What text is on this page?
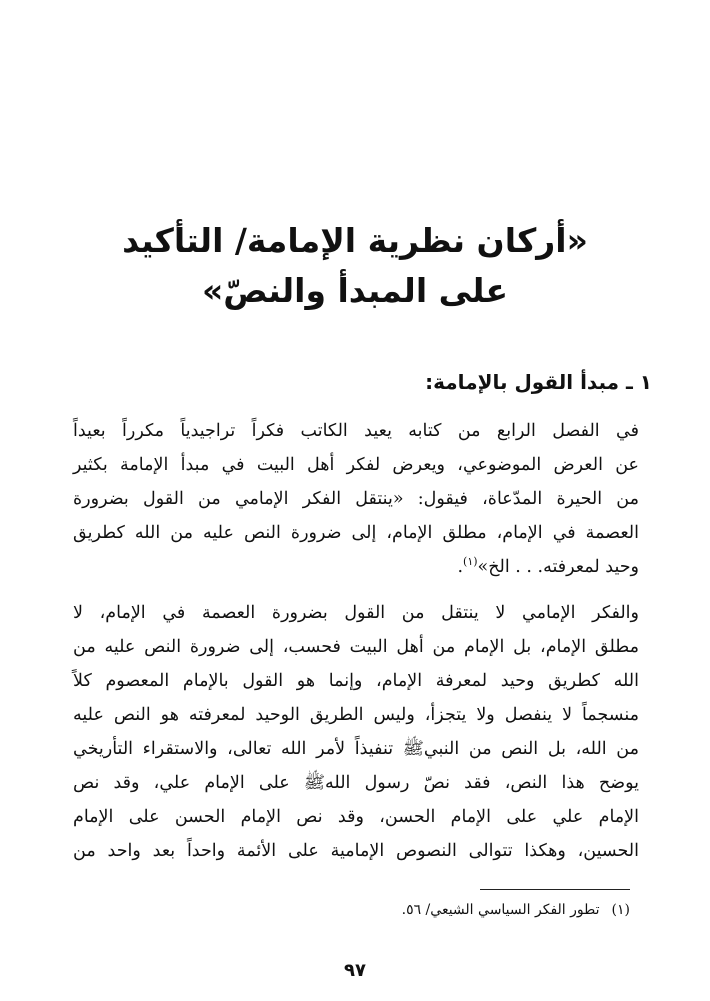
«أركان نظرية الإمامة/ التأكيد
على المبدأ والنصّ»
١ ـ مبدأ القول بالإمامة:
في الفصل الرابع من كتابه يعيد الكاتب فكراً تراجيدياً مكرراً بعيداً
عن العرض الموضوعي، ويعرض لفكر أهل البيت في مبدأ الإمامة بكثير
من الحيرة المدّعاة، فيقول: «ينتقل الفكر الإمامي من القول بضرورة
العصمة في الإمام، مطلق الإمام، إلى ضرورة النص عليه من الله كطريق
وحيد لمعرفته. . . الخ»$^{(١)}$.
والفكر الإمامي لا ينتقل من القول بضرورة العصمة في الإمام، لا
مطلق الإمام، بل الإمام من أهل البيت فحسب، إلى ضرورة النص عليه من
الله كطريق وحيد لمعرفة الإمام، وإنما هو القول بالإمام المعصوم كلاً
منسجماً لا ينفصل ولا يتجزأ، وليس الطريق الوحيد لمعرفته هو النص عليه
من الله، بل النص من النبيﷺ تنفيذاً لأمر الله تعالى، والاستقراء التأريخي
يوضح هذا النص، فقد نصّ رسول اللهﷺ على الإمام علي، وقد نص
الإمام علي على الإمام الحسن، وقد نص الإمام الحسن على الإمام
الحسين، وهكذا تتوالى النصوص الإمامية على الأئمة واحداً بعد واحد من
(١)تطور الفكر السياسي الشيعي/ ٥٦.
٩٧
